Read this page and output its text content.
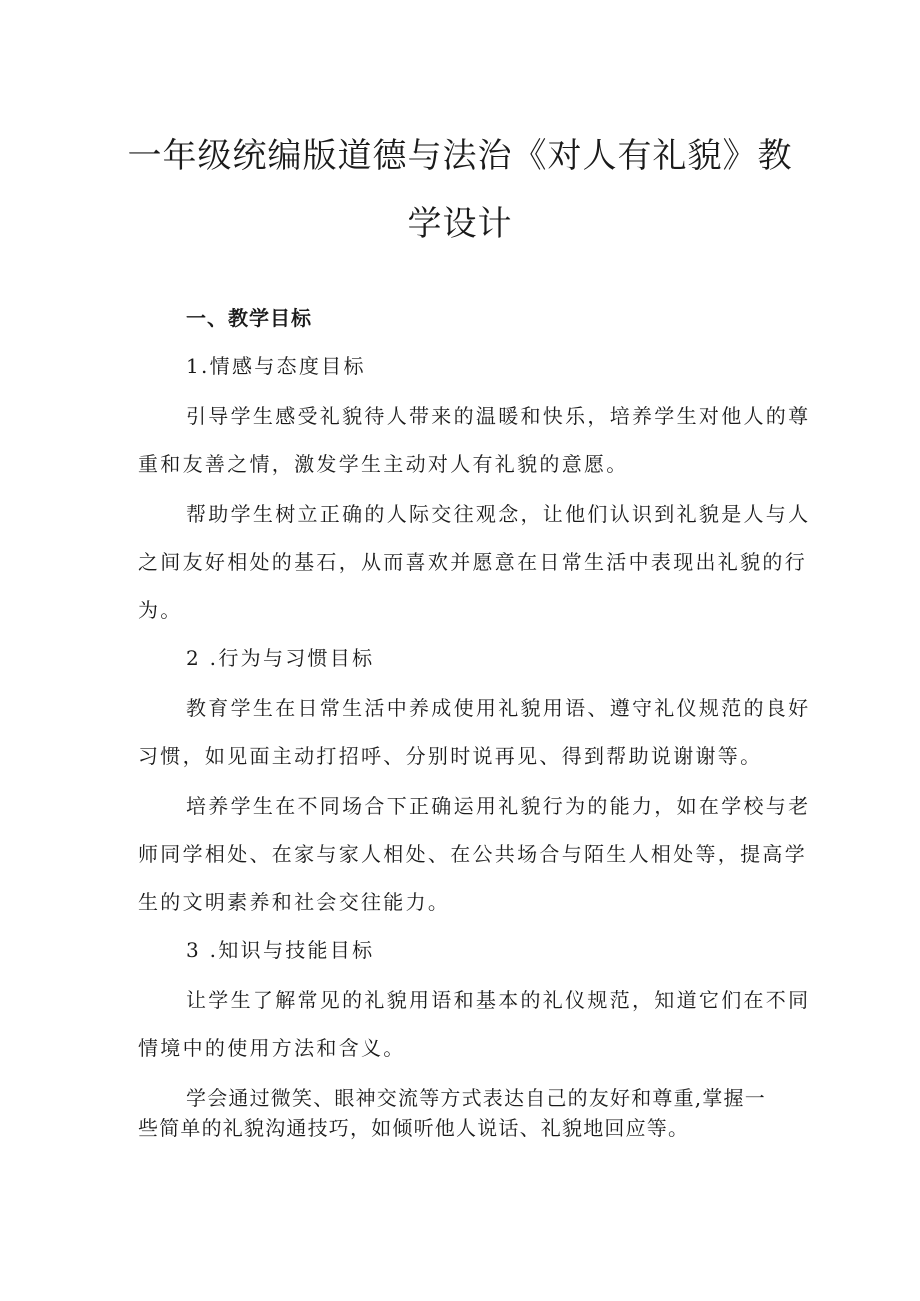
一年级统编版道德与法治《对人有礼貌》教
学设计
一、教学目标
1.情感与态度目标
引导学生感受礼貌待人带来的温暖和快乐，培养学生对他人的尊
重和友善之情，激发学生主动对人有礼貌的意愿。
帮助学生树立正确的人际交往观念，让他们认识到礼貌是人与人
之间友好相处的基石，从而喜欢并愿意在日常生活中表现出礼貌的行
为。
2 .行为与习惯目标
教育学生在日常生活中养成使用礼貌用语、遵守礼仪规范的良好
习惯，如见面主动打招呼、分别时说再见、得到帮助说谢谢等。
培养学生在不同场合下正确运用礼貌行为的能力，如在学校与老
师同学相处、在家与家人相处、在公共场合与陌生人相处等，提高学
生的文明素养和社会交往能力。
3 .知识与技能目标
让学生了解常见的礼貌用语和基本的礼仪规范，知道它们在不同
情境中的使用方法和含义。
学会通过微笑、眼神交流等方式表达自己的友好和尊重,掌握一
些简单的礼貌沟通技巧，如倾听他人说话、礼貌地回应等。
